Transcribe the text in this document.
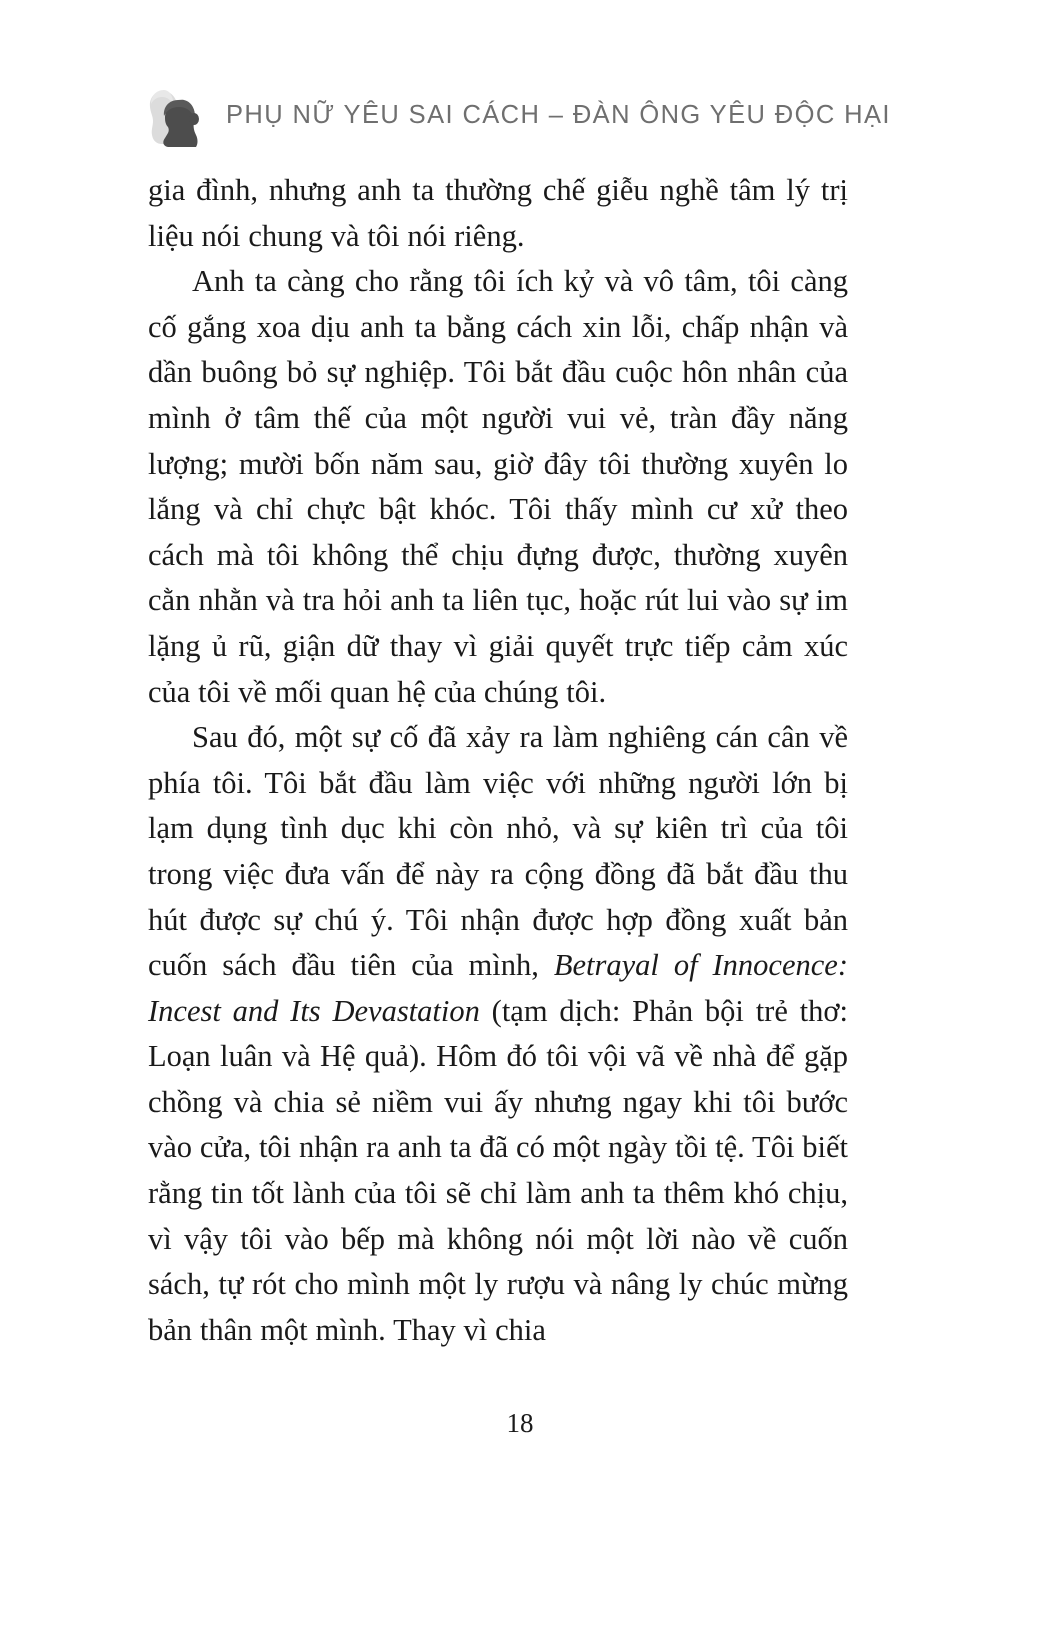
PHỤ NỮ YÊU SAI CÁCH – ĐÀN ÔNG YÊU ĐỘC HẠI

gia đình, nhưng anh ta thường chế giễu nghề tâm lý trị liệu nói chung và tôi nói riêng.

Anh ta càng cho rằng tôi ích kỷ và vô tâm, tôi càng cố gắng xoa dịu anh ta bằng cách xin lỗi, chấp nhận và dần buông bỏ sự nghiệp. Tôi bắt đầu cuộc hôn nhân của mình ở tâm thế của một người vui vẻ, tràn đầy năng lượng; mười bốn năm sau, giờ đây tôi thường xuyên lo lắng và chỉ chực bật khóc. Tôi thấy mình cư xử theo cách mà tôi không thể chịu đựng được, thường xuyên cằn nhằn và tra hỏi anh ta liên tục, hoặc rút lui vào sự im lặng ủ rũ, giận dữ thay vì giải quyết trực tiếp cảm xúc của tôi về mối quan hệ của chúng tôi.

Sau đó, một sự cố đã xảy ra làm nghiêng cán cân về phía tôi. Tôi bắt đầu làm việc với những người lớn bị lạm dụng tình dục khi còn nhỏ, và sự kiên trì của tôi trong việc đưa vấn để này ra cộng đồng đã bắt đầu thu hút được sự chú ý. Tôi nhận được hợp đồng xuất bản cuốn sách đầu tiên của mình, Betrayal of Innocence: Incest and Its Devastation (tạm dịch: Phản bội trẻ thơ: Loạn luân và Hệ quả). Hôm đó tôi vội vã về nhà để gặp chồng và chia sẻ niềm vui ấy nhưng ngay khi tôi bước vào cửa, tôi nhận ra anh ta đã có một ngày tồi tệ. Tôi biết rằng tin tốt lành của tôi sẽ chỉ làm anh ta thêm khó chịu, vì vậy tôi vào bếp mà không nói một lời nào về cuốn sách, tự rót cho mình một ly rượu và nâng ly chúc mừng bản thân một mình. Thay vì chia

18
